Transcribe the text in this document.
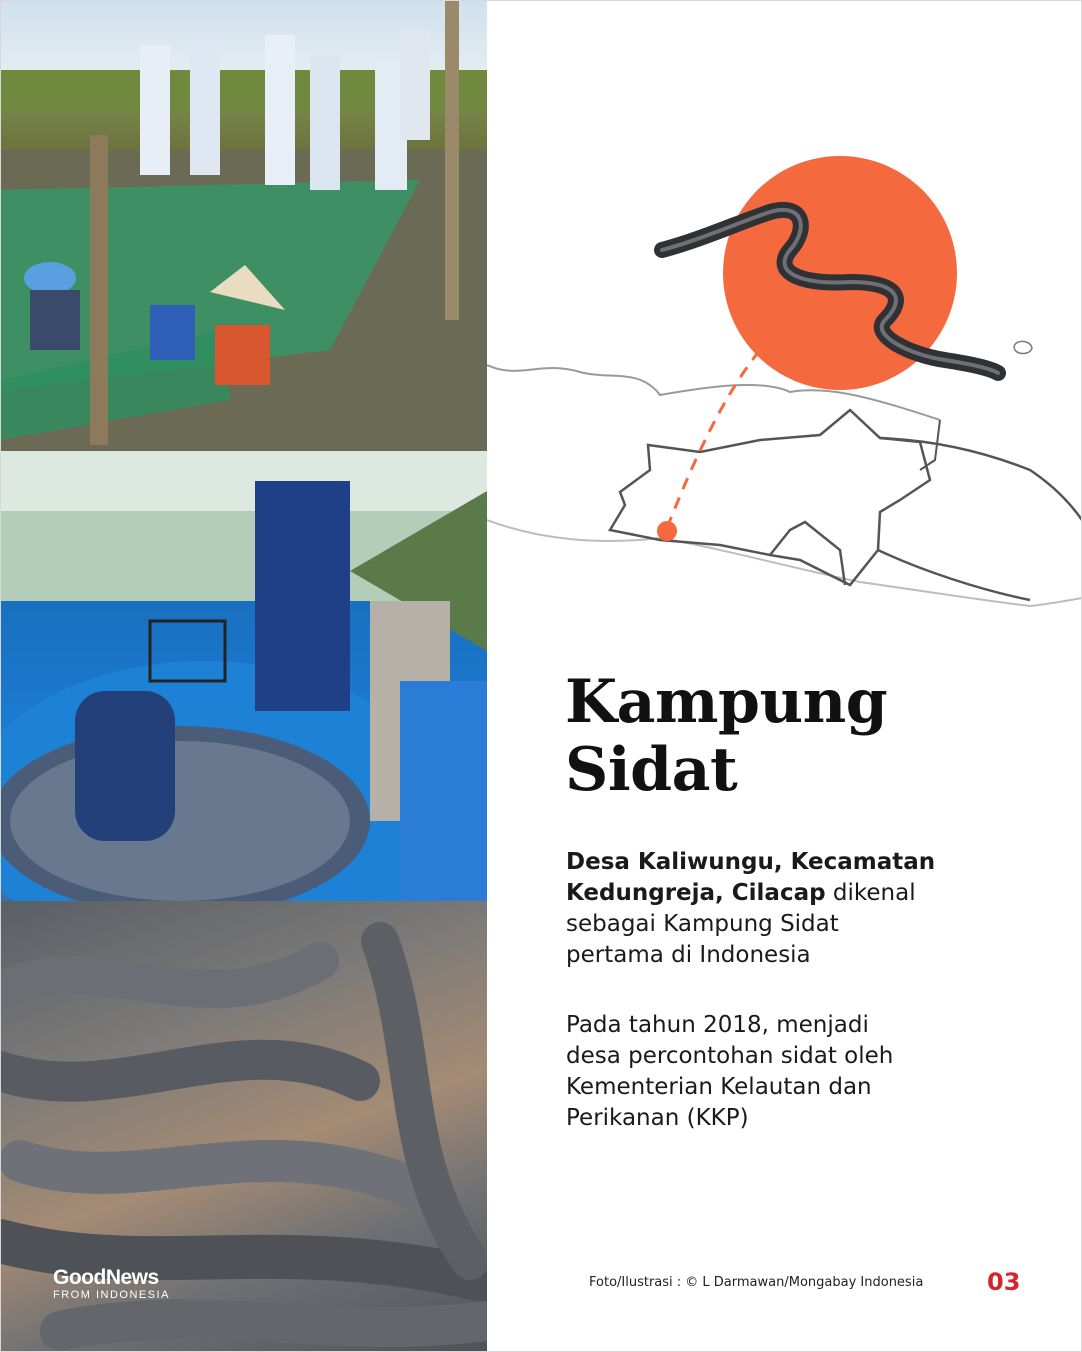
GoodNews
FROM INDONESIA
Kampung
Sidat

Desa Kaliwungu, Kecamatan
Kedungreja, Cilacap dikenal
sebagai Kampung Sidat
pertama di Indonesia

Pada tahun 2018, menjadi
desa percontohan sidat oleh
Kementerian Kelautan dan
Perikanan (KKP)

Foto/Ilustrasi : © L Darmawan/Mongabay Indonesia	03
